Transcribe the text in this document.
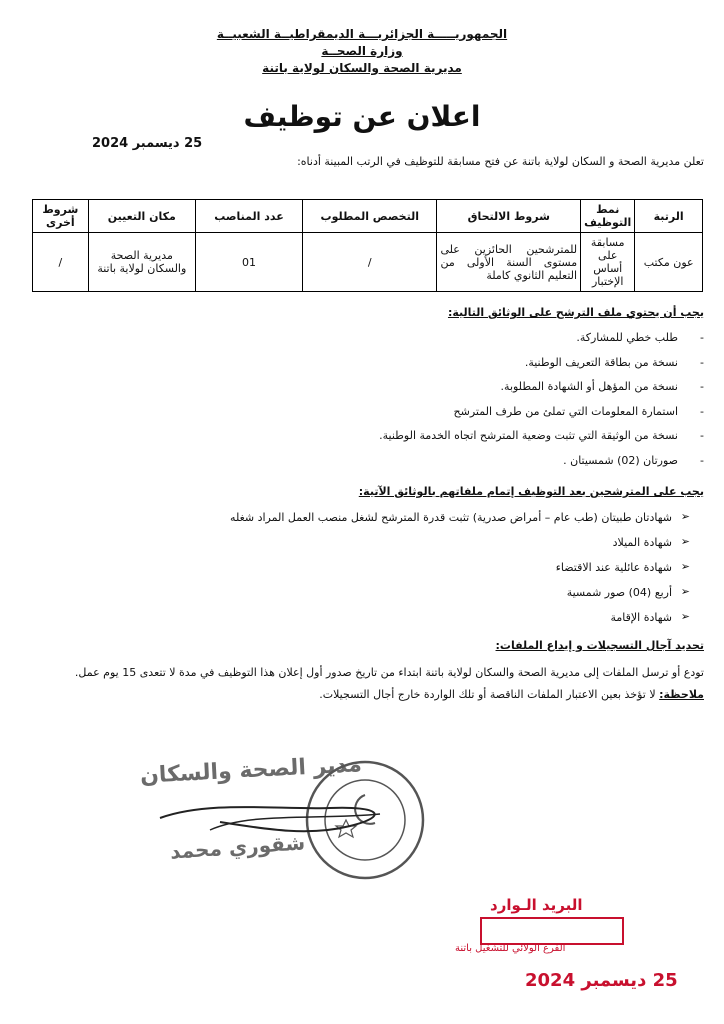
الجمهوريـــــة الجزائريـــة الديمقراطيــة الشعبيــة
وزارة الصحــة
مديرية الصحة والسكان لولاية باتنة
اعلان عن توظيف
25 ديسمبر 2024
تعلن مديرية الصحة و السكان لولاية باتنة عن فتح مسابقة للتوظيف في الرتب المبينة أدناه:
الرتبة	نمط التوظيف	شروط الالتحاق	التخصص المطلوب	عدد المناصب	مكان التعيين	شروط أخرى
عون مكتب	مسابقة على أساس الإختبار	للمترشحين الحائزين على مستوى السنة الأولى من التعليم الثانوي كاملة	/	01	مديرية الصحة والسكان لولاية باتنة	/
يجب أن يحتوي ملف الترشح على الوثائق التالية:
- طلب خطي للمشاركة.
- نسخة من بطاقة التعريف الوطنية.
- نسخة من المؤهل أو الشهادة المطلوبة.
- استمارة المعلومات التي تملئ من طرف المترشح
- نسخة من الوثيقة التي تثبت وضعية المترشح اتجاه الخدمة الوطنية.
- صورتان (02) شمسيتان .
يجب على المترشحين بعد التوظيف إتمام ملفاتهم بالوثائق الآتية:
➢
شهادتان طبيتان (طب عام – أمراض صدرية) تثبت قدرة المترشح لشغل منصب العمل المراد شغله
➢
شهادة الميلاد
➢
شهادة عائلية عند الاقتضاء
➢
أربع (04) صور شمسية
➢
شهادة الإقامة
تحديد آجال التسجيلات و إيداع الملفات:
تودع أو ترسل الملفات إلى مديرية الصحة والسكان لولاية باتنة ابتداء من تاريخ صدور أول إعلان هذا التوظيف في مدة لا تتعدى 15 يوم عمل.
ملاحظة: لا تؤخذ بعين الاعتبار الملفات الناقصة أو تلك الواردة خارج أجال التسجيلات.
مدير الصحة والسكان
شقوري محمد
البريد الـوارد
الفرع الولائي للتشغيل باتنة
25 ديسمبر 2024
